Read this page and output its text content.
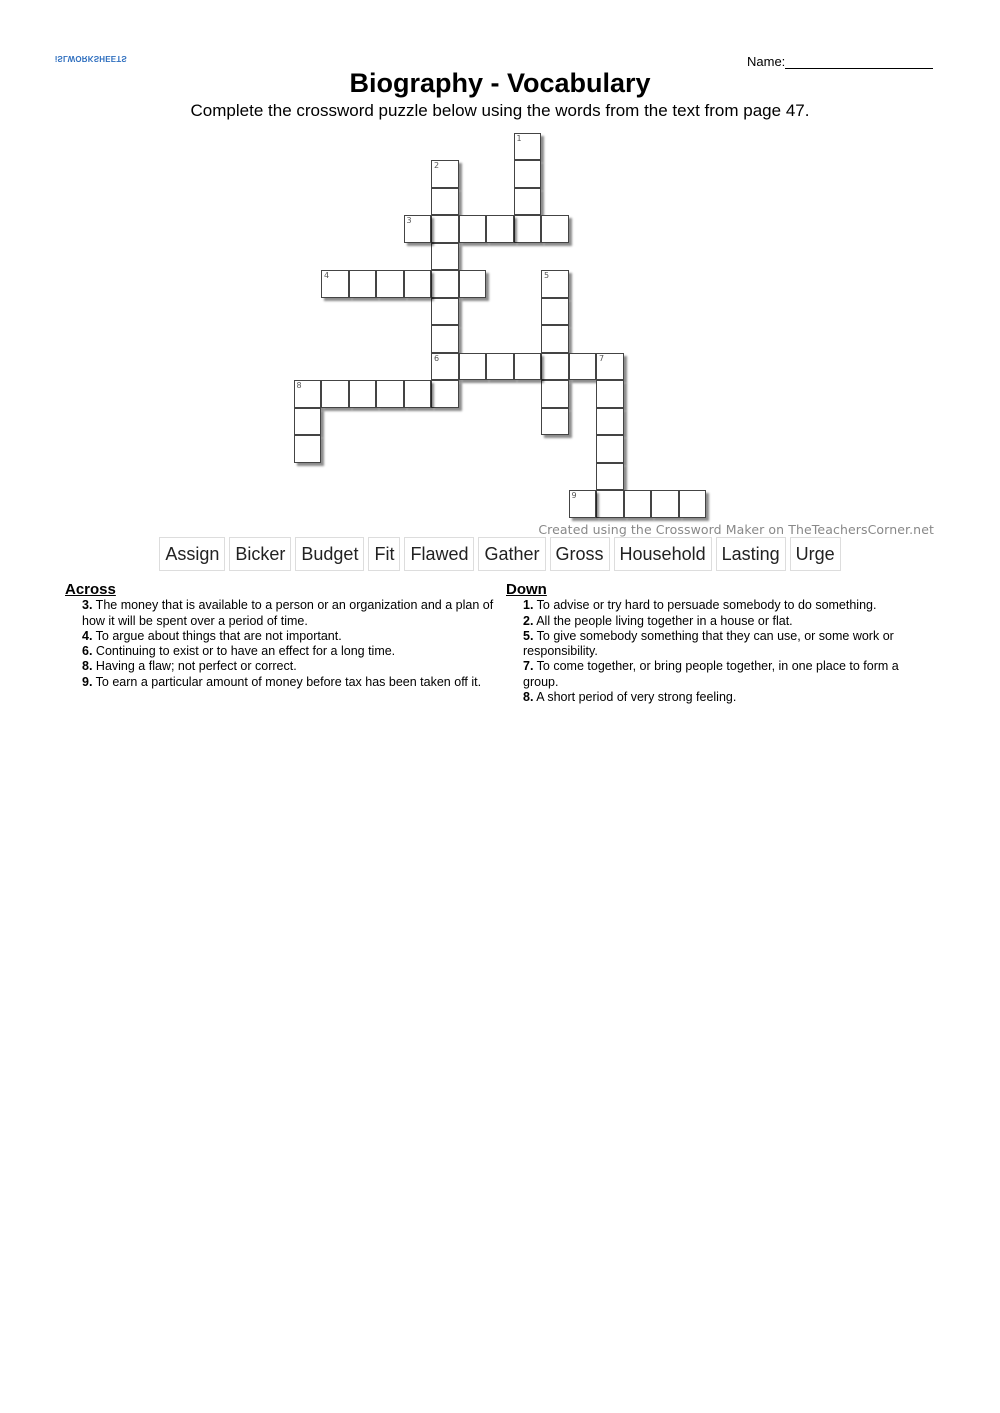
iSLWORKSHEETS	Name:
Biography - Vocabulary
Complete the crossword puzzle below using the words from the text from page 47.
1
2
6
3
4	5
7
8
9
Created using the Crossword Maker on TheTeachersCorner.net
Assign Bicker Budget Fit Flawed Gather Gross Household Lasting Urge
Across
3. The money that is available to a person or an organization and a plan of how it will be spent over a period of time.
4. To argue about things that are not important.
6. Continuing to exist or to have an effect for a long time.
8. Having a flaw; not perfect or correct.
9. To earn a particular amount of money before tax has been taken off it.
Down
1. To advise or try hard to persuade somebody to do something.
2. All the people living together in a house or flat.
5. To give somebody something that they can use, or some work or responsibility.
7. To come together, or bring people together, in one place to form a group.
8. A short period of very strong feeling.
